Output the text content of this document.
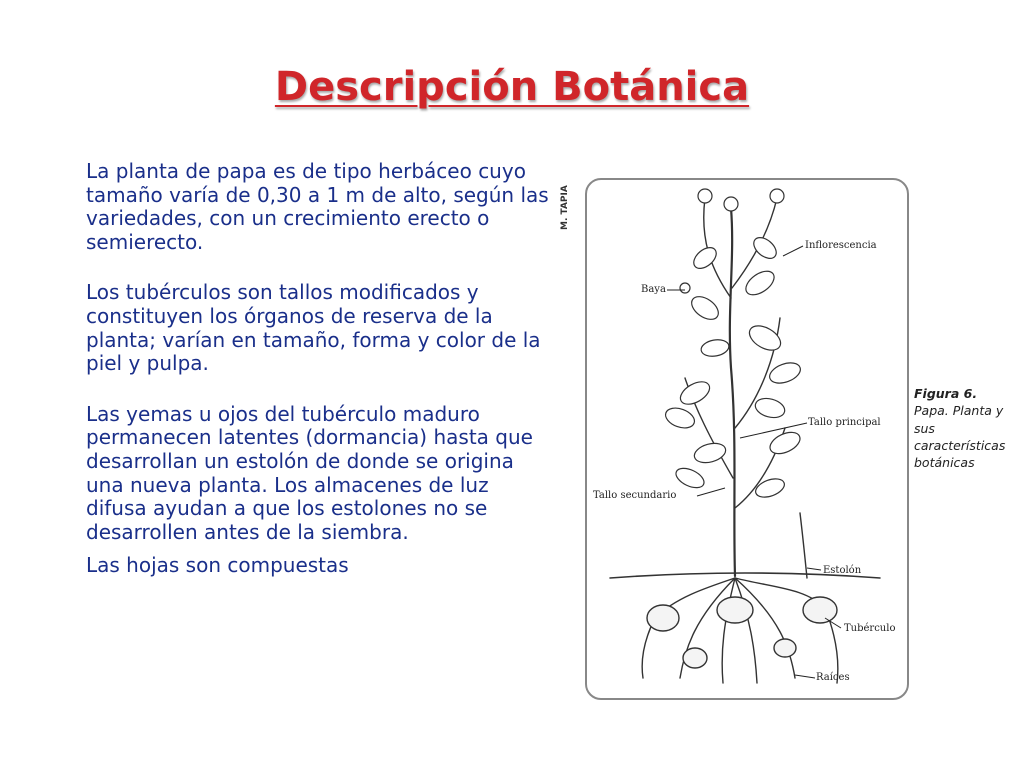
Descripción Botánica

La planta de papa es de tipo herbáceo cuyo tamaño varía de 0,30 a 1 m de alto, según las variedades, con un crecimiento erecto o semierecto.

Los tubérculos son tallos modificados y constituyen los órganos de reserva de la planta; varían en tamaño, forma y color de la piel y pulpa.

Las yemas u ojos del tubérculo maduro permanecen latentes (dormancia) hasta que desarrollan un estolón de donde se origina una nueva planta. Los almacenes de luz difusa ayudan a que los estolones no se desarrollen antes de la siembra.

Las hojas son compuestas

M. TAPIA
Inflorescencia
Baya
Tallo principal
Tallo secundario
Estolón
Tubérculo
Raíces
Figura 6. Papa. Planta y sus características botánicas
